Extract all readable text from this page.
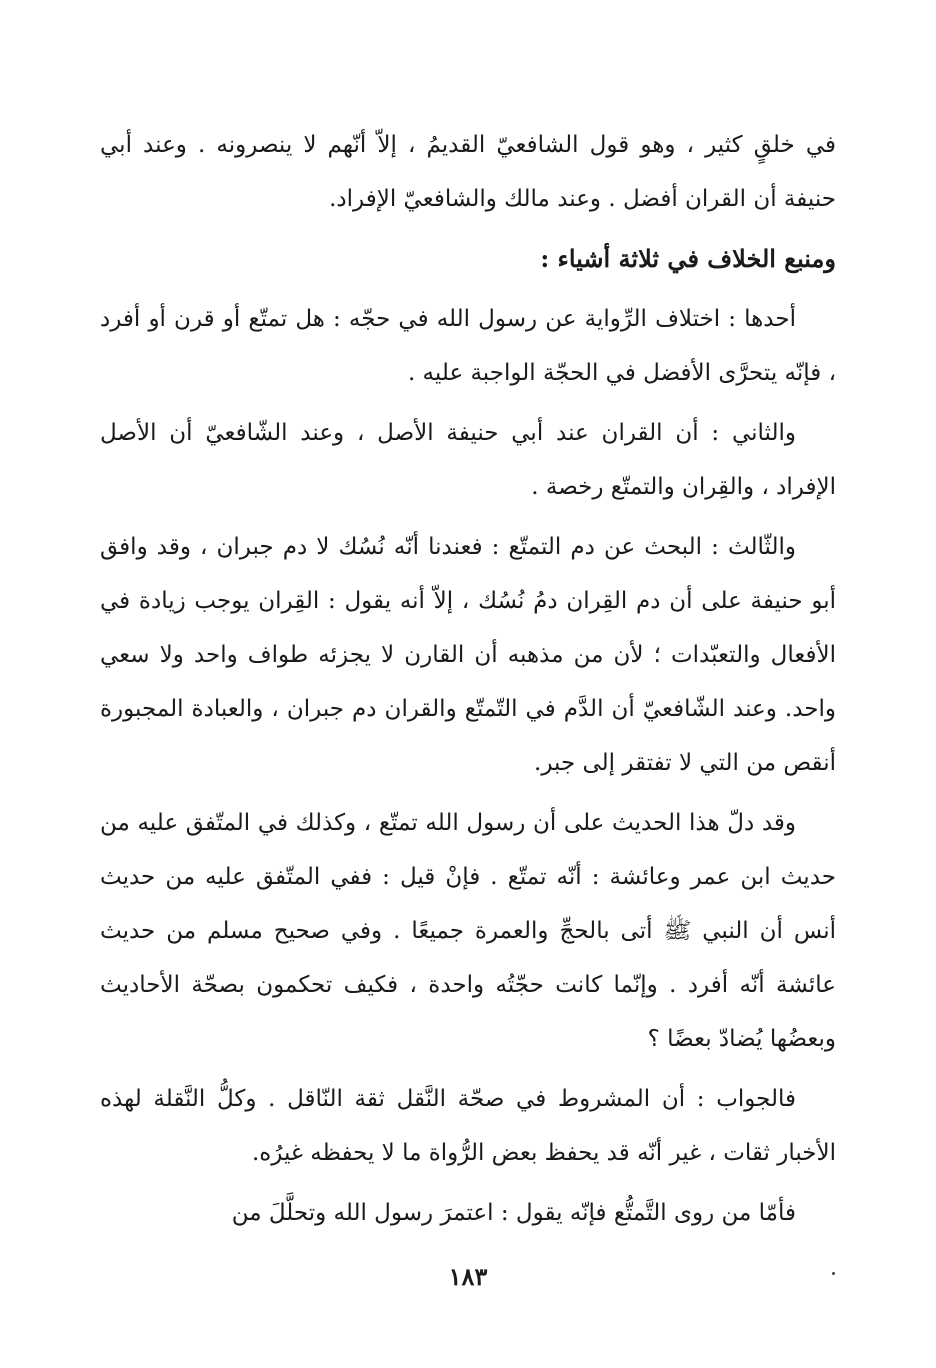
في خلقٍ كثير ، وهو قول الشافعيّ القديمُ ، إلاّ أنّهم لا ينصرونه . وعند أبي حنيفة أن القران أفضل . وعند مالك والشافعيّ الإفراد.

ومنبع الخلاف في ثلاثة أشياء :

أحدها : اختلاف الرِّواية عن رسول الله في حجّه : هل تمتّع أو قرن أو أفرد ، فإنّه يتحرَّى الأفضل في الحجّة الواجبة عليه .

والثاني : أن القران عند أبي حنيفة الأصل ، وعند الشّافعيّ أن الأصل الإفراد ، والقِران والتمتّع رخصة .

والثّالث : البحث عن دم التمتّع : فعندنا أنّه نُسُك لا دم جبران ، وقد وافق أبو حنيفة على أن دم القِران دمُ نُسُك ، إلاّ أنه يقول : القِران يوجب زيادة في الأفعال والتعبّدات ؛ لأن من مذهبه أن القارن لا يجزئه طواف واحد ولا سعي واحد. وعند الشّافعيّ أن الدَّم في التّمتّع والقران دم جبران ، والعبادة المجبورة أنقص من التي لا تفتقر إلى جبر.

وقد دلّ هذا الحديث على أن رسول الله تمتّع ، وكذلك في المتّفق عليه من حديث ابن عمر وعائشة : أنّه تمتّع . فإنْ قيل : ففي المتّفق عليه من حديث أنس أن النبي ﷺ أتى بالحجِّ والعمرة جميعًا . وفي صحيح مسلم من حديث عائشة أنّه أفرد . وإنّما كانت حجّتُه واحدة ، فكيف تحكمون بصحّة الأحاديث وبعضُها يُضادّ بعضًا ؟

فالجواب : أن المشروط في صحّة النَّقل ثقة النّاقل . وكلُّ النَّقلة لهذه الأخبار ثقات ، غير أنّه قد يحفظ بعض الرُّواة ما لا يحفظه غيرُه.

فأمّا من روى التَّمتُّع فإنّه يقول : اعتمرَ رسول الله وتحلَّلَ من

١٨٣
